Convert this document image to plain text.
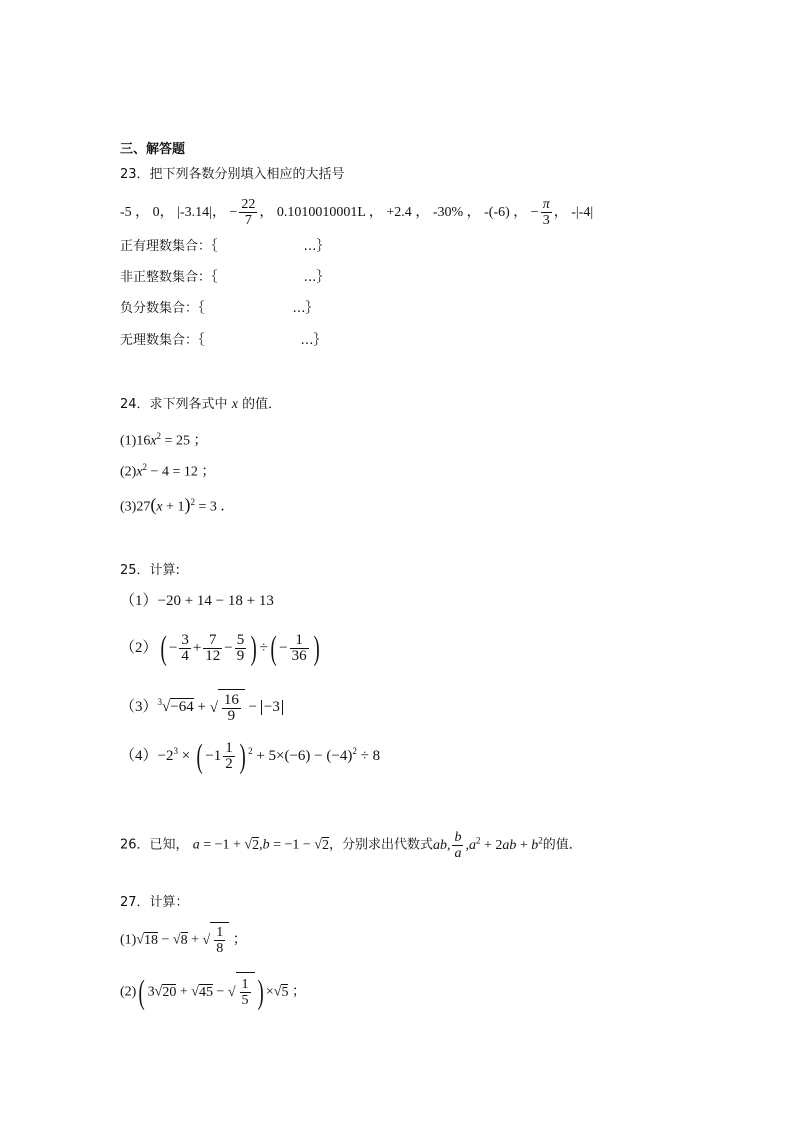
三、解答题
23．把下列各数分别填入相应的大括号
-5 ， 0， |-3.14|， − $\frac{22}{7}$ ， 0.1010010001L ， +2.4 ， -30% ， -(-6) ， − $\frac{\pi}{3}$ ， -|-4|
正有理数集合：｛	…｝
非正整数集合：｛	…｝
负分数集合：｛	…｝
无理数集合：｛	…｝
24．求下列各式中 x 的值．
$(1)16x^2 = 25$ ；
$(2)x^2 - 4 = 12$ ；
$(3)27(x + 1)^2 = 3$ ．
25．计算:
（1）−20 + 14 − 18 + 13
$(2)( - \frac{3}{4} + \frac{7}{12} - \frac{5}{9}$ ) ÷( − $\frac{1}{36}$ )
$(3)^3√-64$ + √ $\frac{16}{9} - -3$
$(4)-2^3$ × ( $-1 \frac{1}{2}$ ) $^2 + 5\times(-6) - (-4)^2 \div 8$
26．已知， a = −1 + √2,b = −1 − √2，分别求出代数式ab, $\frac{b}{a} ,a^2 + 2ab + b^2$的值．
27．计算：
(1)√18 − √8 + √ $\frac{1}{8}$ ；
(2)( 3√20 + √45 − √ $\frac{1}{5}$ ) ×√5 ；
